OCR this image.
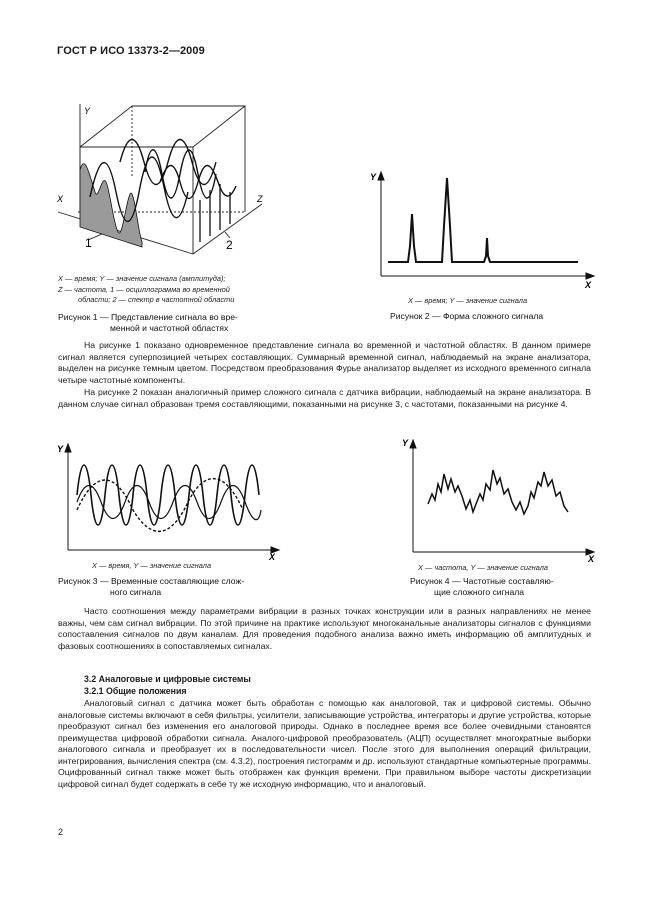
ГОСТ Р ИСО 13373-2—2009
Y
X	Z
1	2
X — время; Y — значение сигнала (амплитуда);
Z — частота, 1 — осциллограмма во временной
области; 2 — спектр в частотной области
Рисунок 1 — Представление сигнала во вре-
менной и частотной областях
Y
X
X — время; Y — значение сигнала
Рисунок 2 — Форма сложного сигнала

На рисунке 1 показано одновременное представление сигнала во временной и частотной областях. В данном примере сигнал является суперпозицией четырех составляющих. Суммарный временной сигнал, наблюдаемый на экране анализатора, выделен на рисунке темным цветом. Посредством преобразования Фурье анализатор выделяет из исходного временного сигнала четыре частотные компоненты.

На рисунке 2 показан аналогичный пример сложного сигнала с датчика вибрации, наблюдаемый на экране анализатора. В данном случае сигнал образован тремя составляющими, показанными на рисунке 3, с частотами, показанными на рисунке 4.

Y
X
X — время, Y — значение сигнала
Рисунок 3 — Временные составляющие слож-
ного сигнала
Y
X
X — частота, Y — значение сигнала
Рисунок 4 — Частотные составляю-
щие сложного сигнала

Часто соотношения между параметрами вибрации в разных точках конструкции или в разных направлениях не менее важны, чем сам сигнал вибрации. По этой причине на практике используют многоканальные анализаторы сигналов с функциями сопоставления сигналов по двум каналам. Для проведения подобного анализа важно иметь информацию об амплитудных и фазовых соотношениях в сопоставляемых сигналах.

3.2 Аналоговые и цифровые системы
3.2.1 Общие положения

Аналоговый сигнал с датчика может быть обработан с помощью как аналоговой, так и цифровой системы. Обычно аналоговые системы включают в себя фильтры, усилители, записывающие устройства, интеграторы и другие устройства, которые преобразуют сигнал без изменения его аналоговой природы. Однако в последнее время все более очевидными становятся преимущества цифровой обработки сигнала. Аналого-цифровой преобразователь (АЦП) осуществляет многократные выборки аналогового сигнала и преобразует их в последовательности чисел. После этого для выполнения операций фильтрации, интегрирования, вычисления спектра (см. 4.3.2), построения гистограмм и др. используют стандартные компьютерные программы. Оцифрованный сигнал также может быть отображен как функция времени. При правильном выборе частоты дискретизации цифровой сигнал будет содержать в себе ту же исходную информацию, что и аналоговый.

2
